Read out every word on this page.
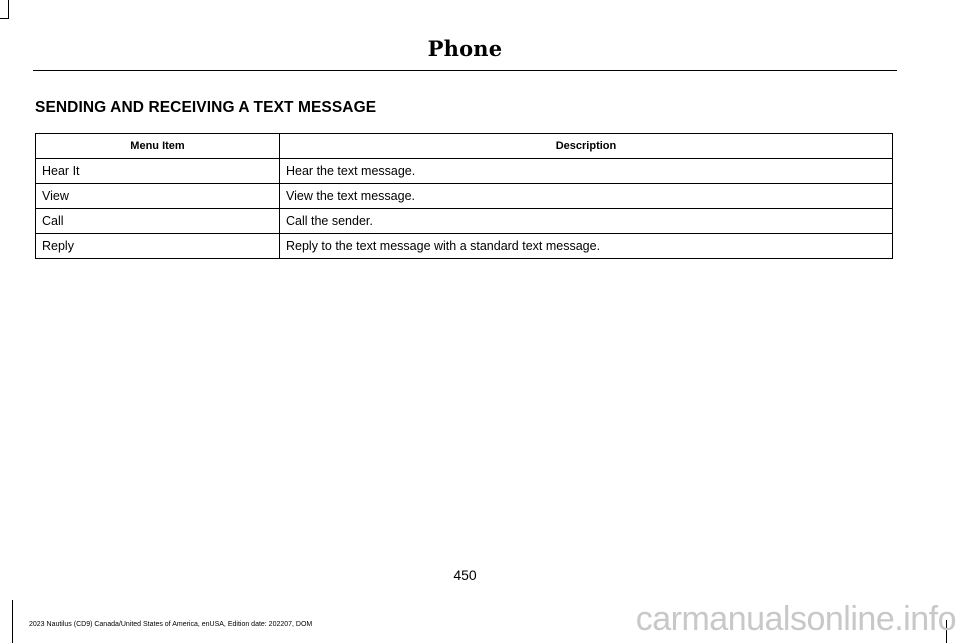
Phone
SENDING AND RECEIVING A TEXT MESSAGE
Menu Item	Description
Hear It	Hear the text message.
View	View the text message.
Call	Call the sender.
Reply	Reply to the text message with a standard text message.
450
2023 Nautilus (CD9) Canada/United States of America, enUSA, Edition date: 202207, DOM	carmanualsonline.info
